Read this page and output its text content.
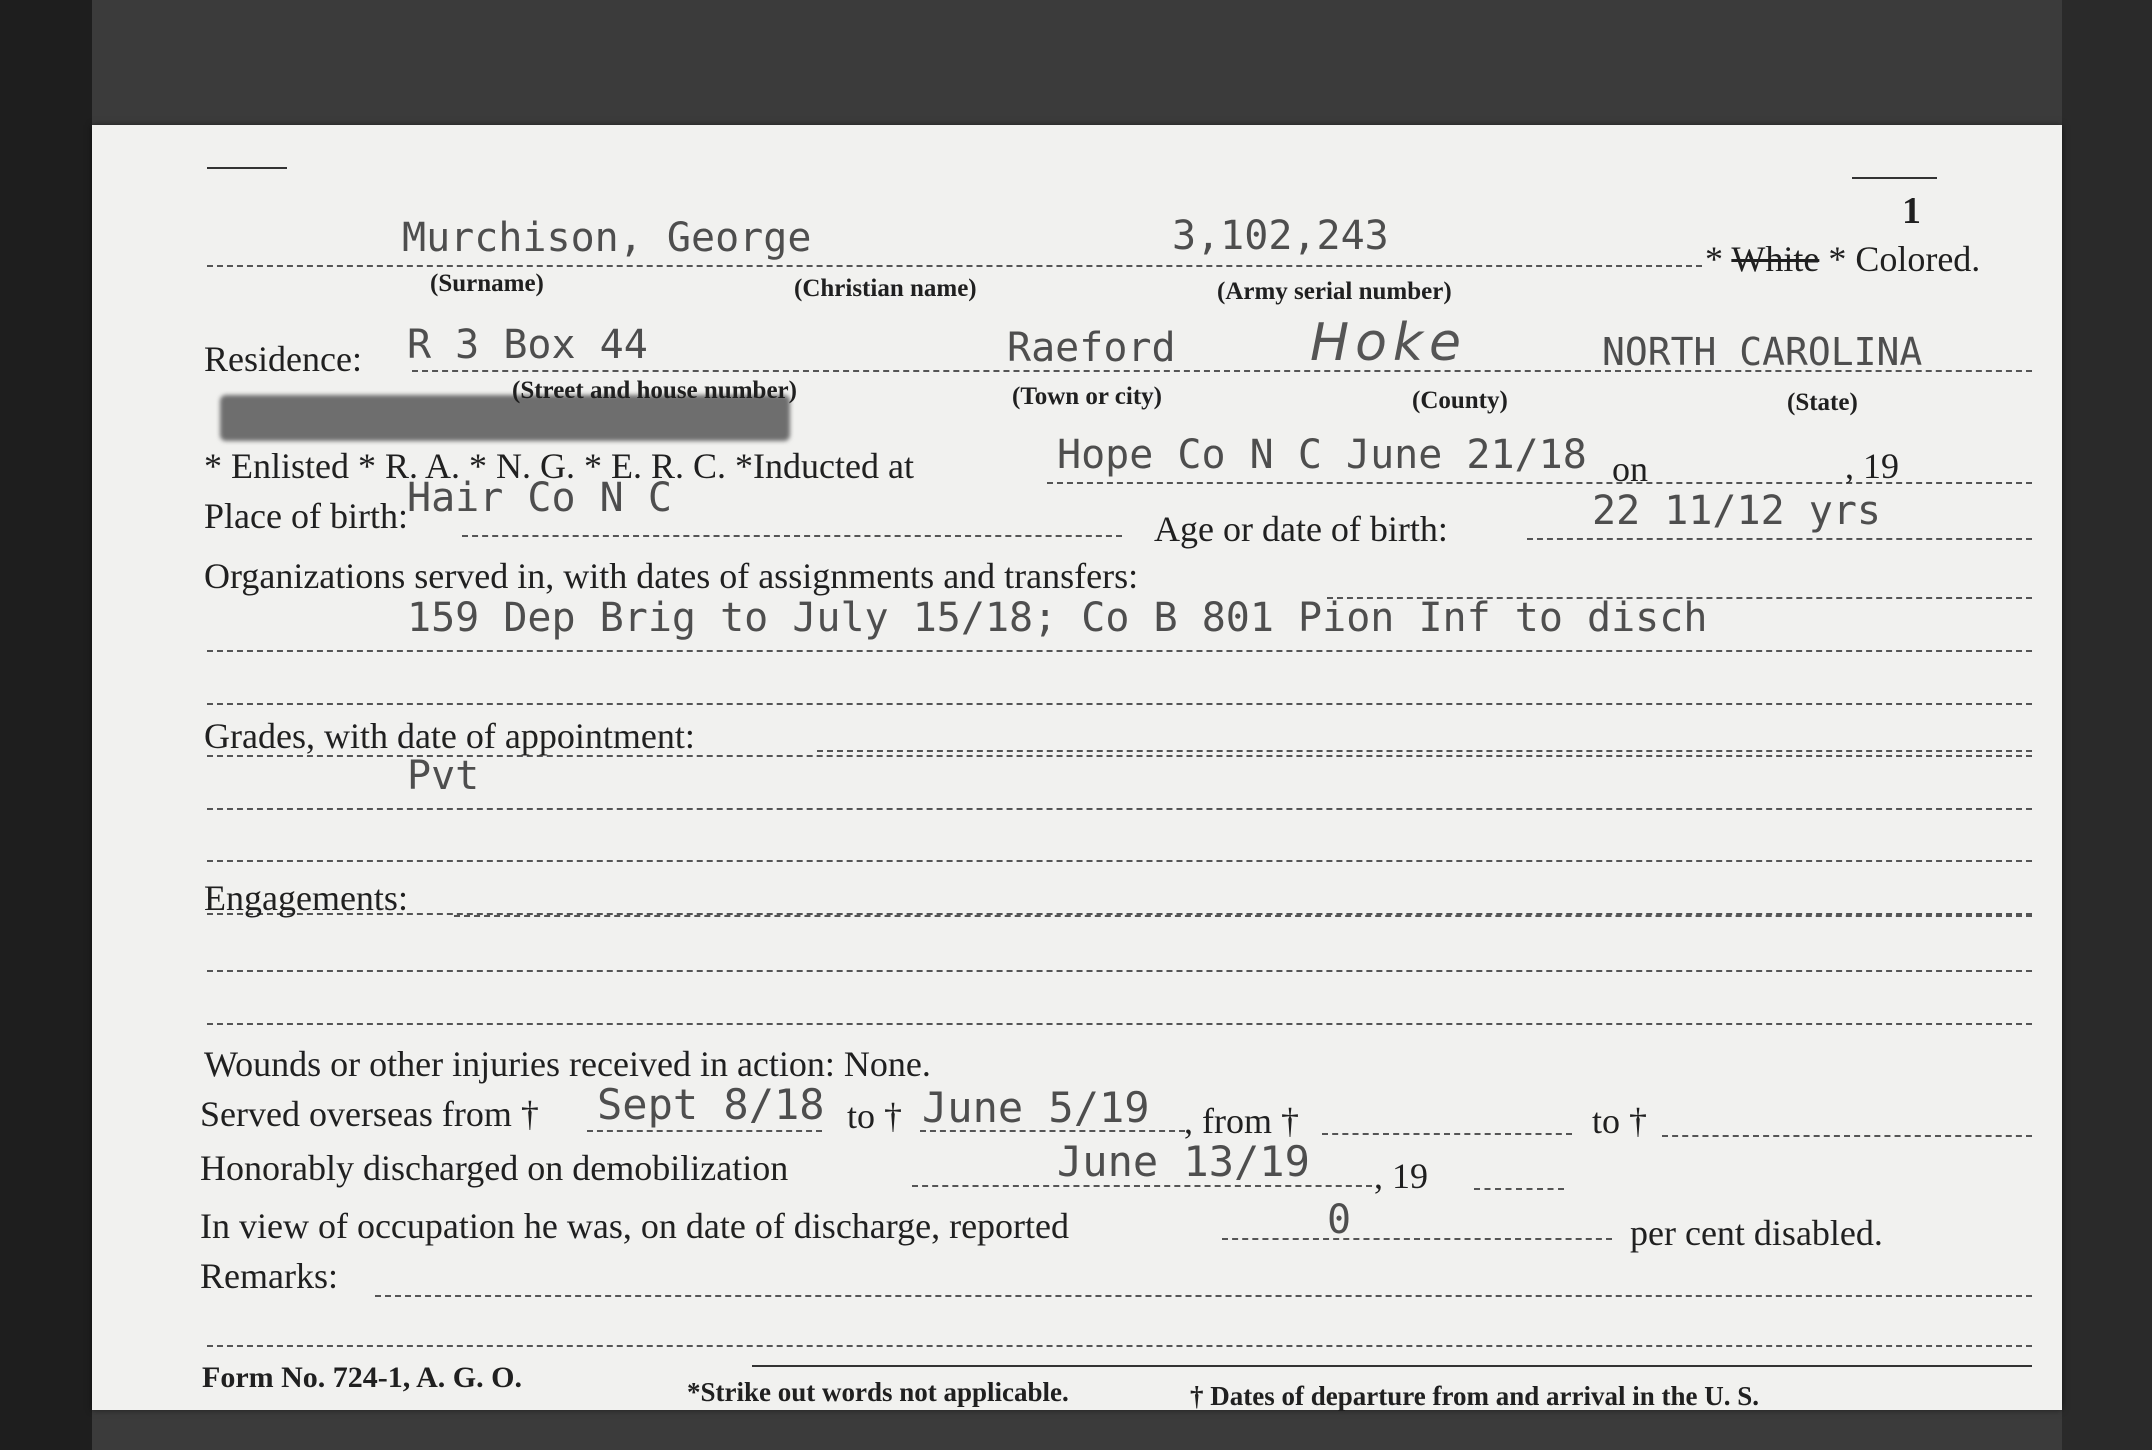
1
Murchison, George	3,102,243	* White * Colored.
(Surname)	(Christian name)	(Army serial number)
Residence: R 3 Box 44	Raeford	Hoke	NORTH CAROLINA
(Street and house number)	(Town or city)	(County)	(State)
* Enlisted * R. A. * N. G. * E. R. C. *Inducted at	Hope Co N C June 21/18 on	, 19
Place of birth: Hair Co N C
Age or date of birth:	22 11/12 yrs
Organizations served in, with dates of assignments and transfers:
159 Dep Brig to July 15/18; Co B 801 Pion Inf to disch
Grades, with date of appointment:
Pvt
Engagements:
Wounds or other injuries received in action: None.
Served overseas from † Sept 8/18 to † June 5/19 , from †	to †
Honorably discharged on demobilization	June 13/19 , 19
In view of occupation he was, on date of discharge, reported	0	per cent disabled.
Remarks:
Form No. 724-1, A. G. O.	*Strike out words not applicable.	† Dates of departure from and arrival in the U. S.
